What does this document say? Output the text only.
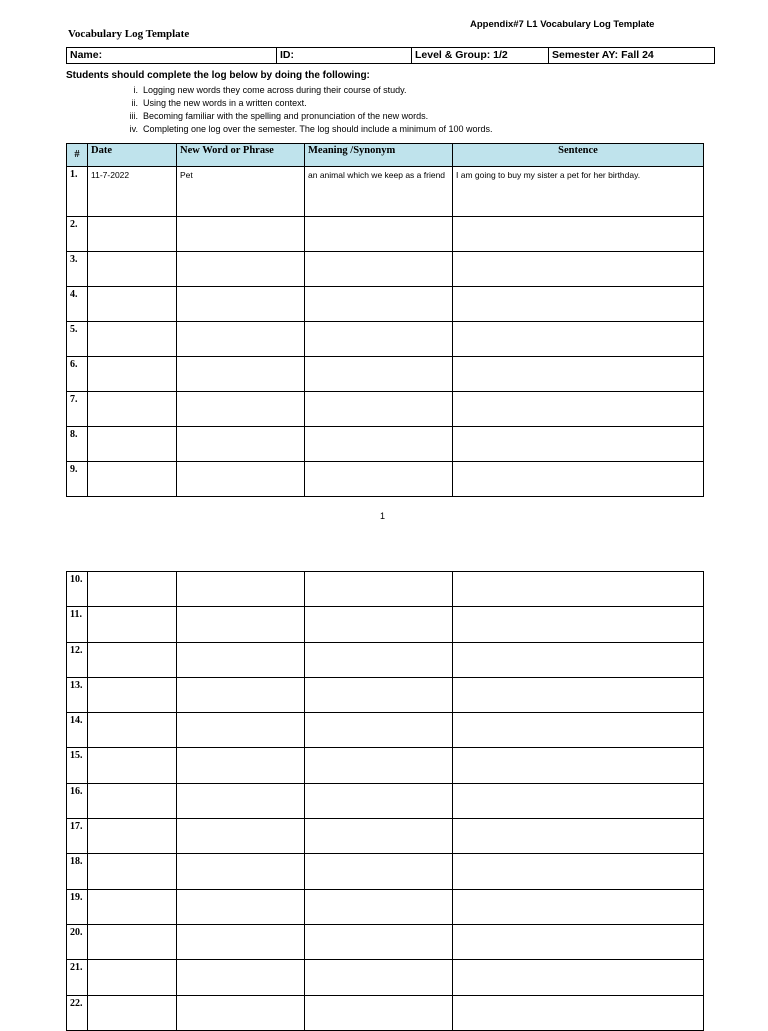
Vocabulary Log Template
Appendix#7 L1 Vocabulary Log Template
Name:	ID:	Level & Group: 1/2	Semester AY: Fall 24
Students should complete the log below by doing the following:
i. Logging new words they come across during their course of study.
ii. Using the new words in a written context.
iii. Becoming familiar with the spelling and pronunciation of the new words.
iv. Completing one log over the semester. The log should include a minimum of 100 words.
#	Date	New Word or Phrase	Meaning /Synonym	Sentence
1.	11-7-2022	Pet	an animal which we keep as a friend	I am going to buy my sister a pet for her birthday.
2.				
3.				
4.				
5.				
6.				
7.				
8.				
9.				
1
10.				
11.				
12.				
13.				
14.				
15.				
16.				
17.				
18.				
19.				
20.				
21.				
22.				
